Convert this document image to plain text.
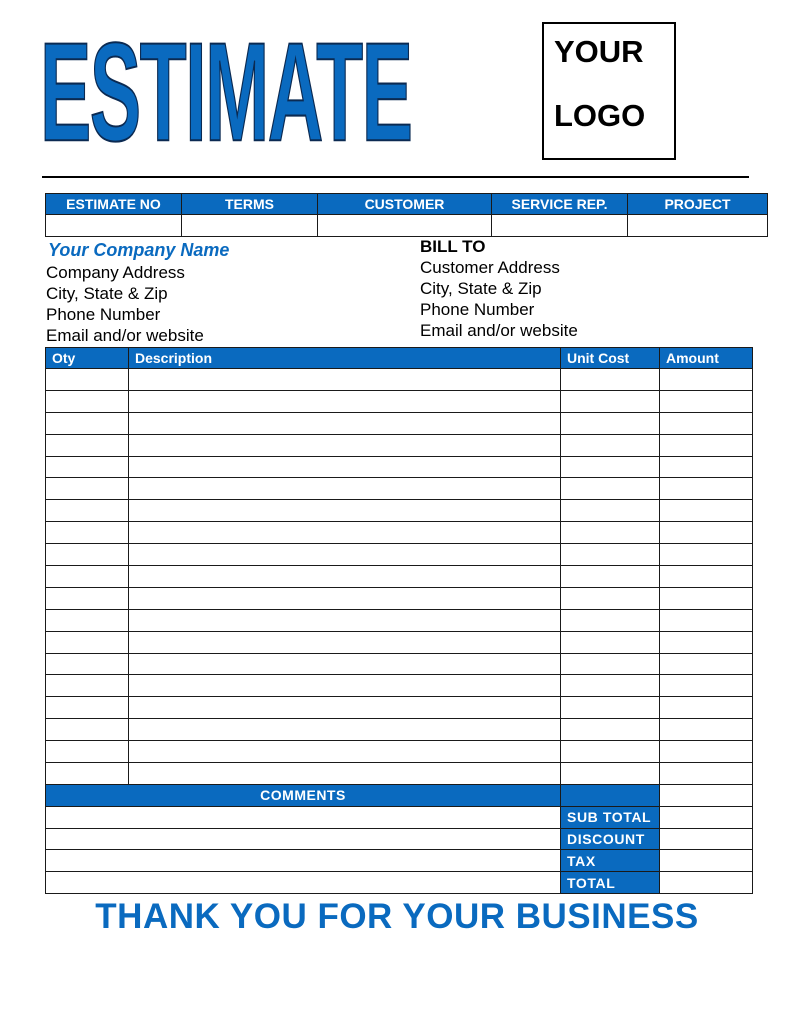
ESTIMATE	YOUR
LOGO
ESTIMATE NO	TERMS	CUSTOMER	SERVICE REP.	PROJECT

Your Company Name
Company Address
City, State & Zip
Phone Number
Email and/or website
BILL TO
Customer Address
City, State & Zip
Phone Number
Email and/or website
Oty	Description	Unit Cost	Amount

COMMENTS		
	SUB TOTAL	
	DISCOUNT	
	TAX	
	TOTAL	
THANK YOU FOR YOUR BUSINESS
